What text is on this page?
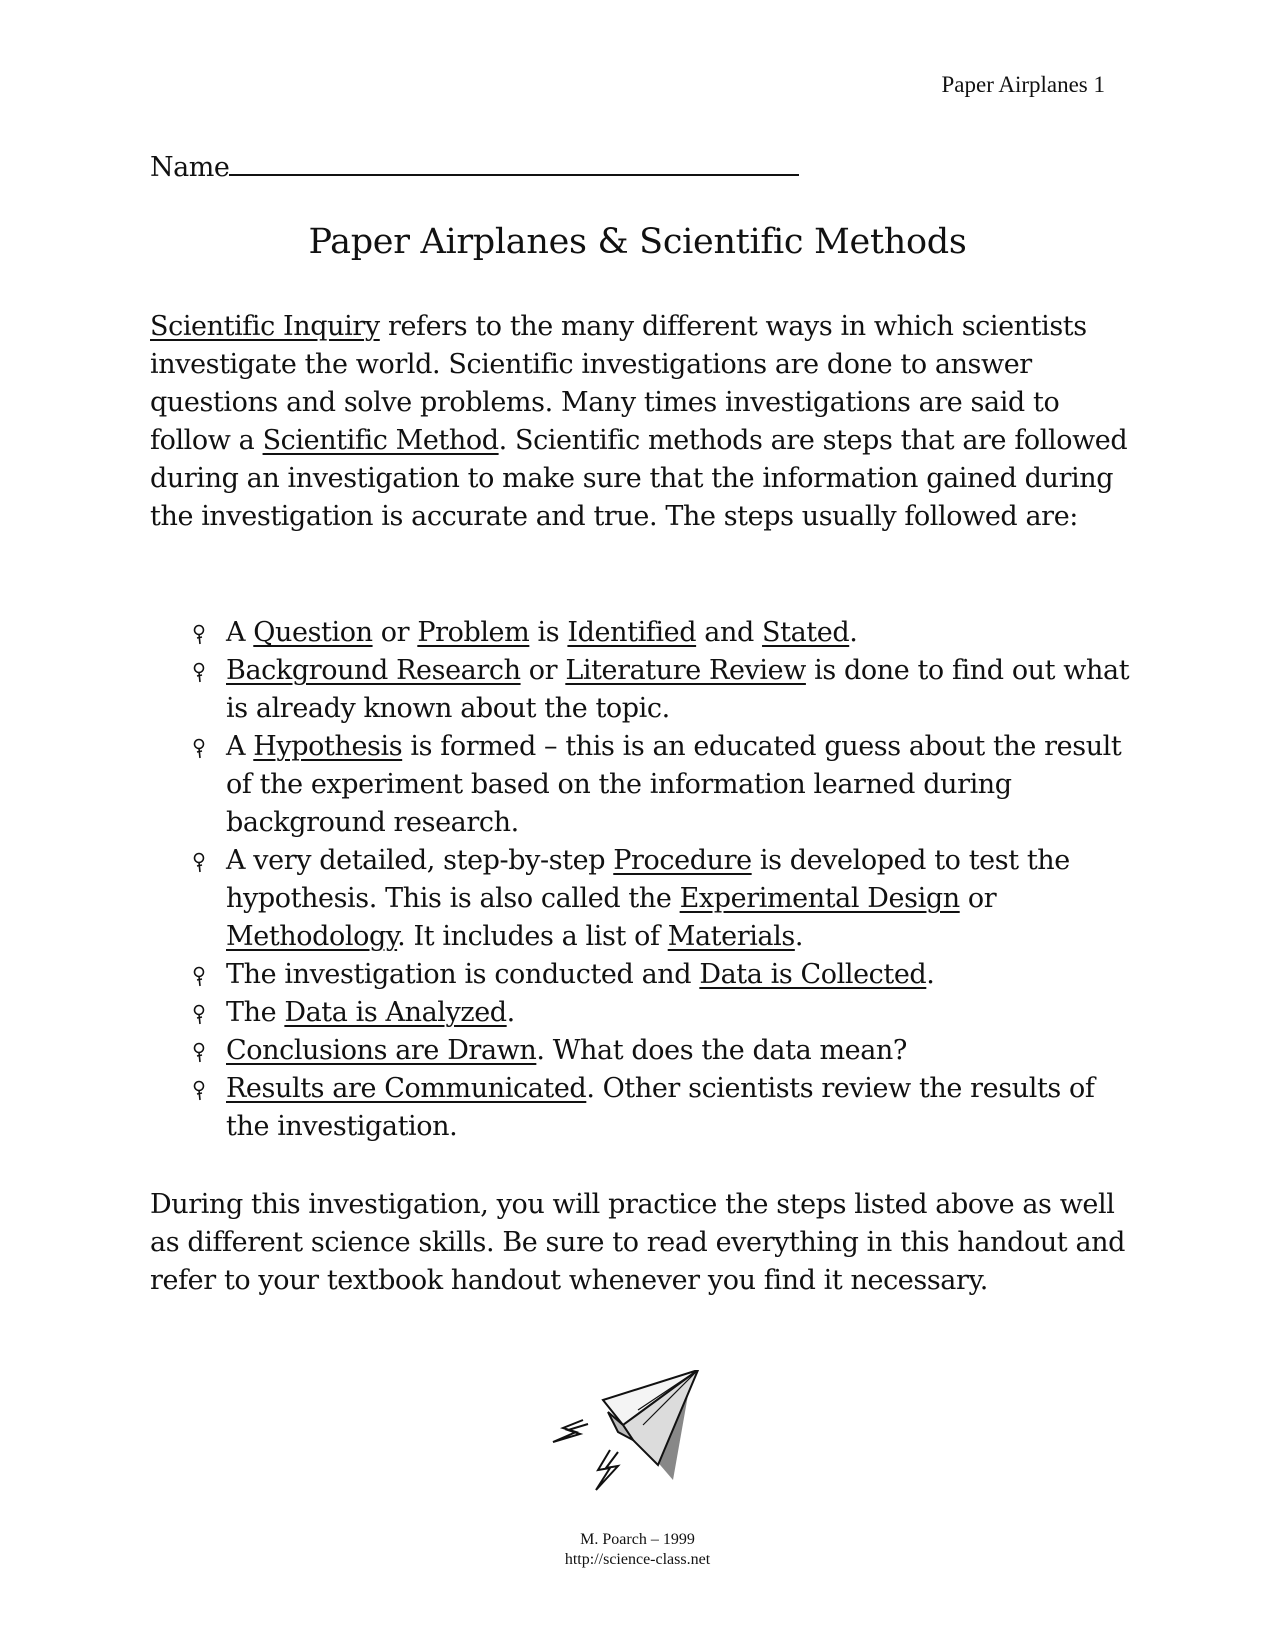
Paper Airplanes 1
Name
Paper Airplanes & Scientific Methods

Scientific Inquiry refers to the many different ways in which scientists investigate the world. Scientific investigations are done to answer questions and solve problems. Many times investigations are said to follow a Scientific Method. Scientific methods are steps that are followed during an investigation to make sure that the information gained during the investigation is accurate and true. The steps usually followed are:

A Question or Problem is Identified and Stated.
Background Research or Literature Review is done to find out what is already known about the topic.
A Hypothesis is formed – this is an educated guess about the result of the experiment based on the information learned during background research.
A very detailed, step-by-step Procedure is developed to test the hypothesis. This is also called the Experimental Design or Methodology. It includes a list of Materials.
The investigation is conducted and Data is Collected.
The Data is Analyzed.
Conclusions are Drawn. What does the data mean?
Results are Communicated. Other scientists review the results of the investigation.

During this investigation, you will practice the steps listed above as well as different science skills. Be sure to read everything in this handout and refer to your textbook handout whenever you find it necessary.

M. Poarch – 1999
http://science-class.net
